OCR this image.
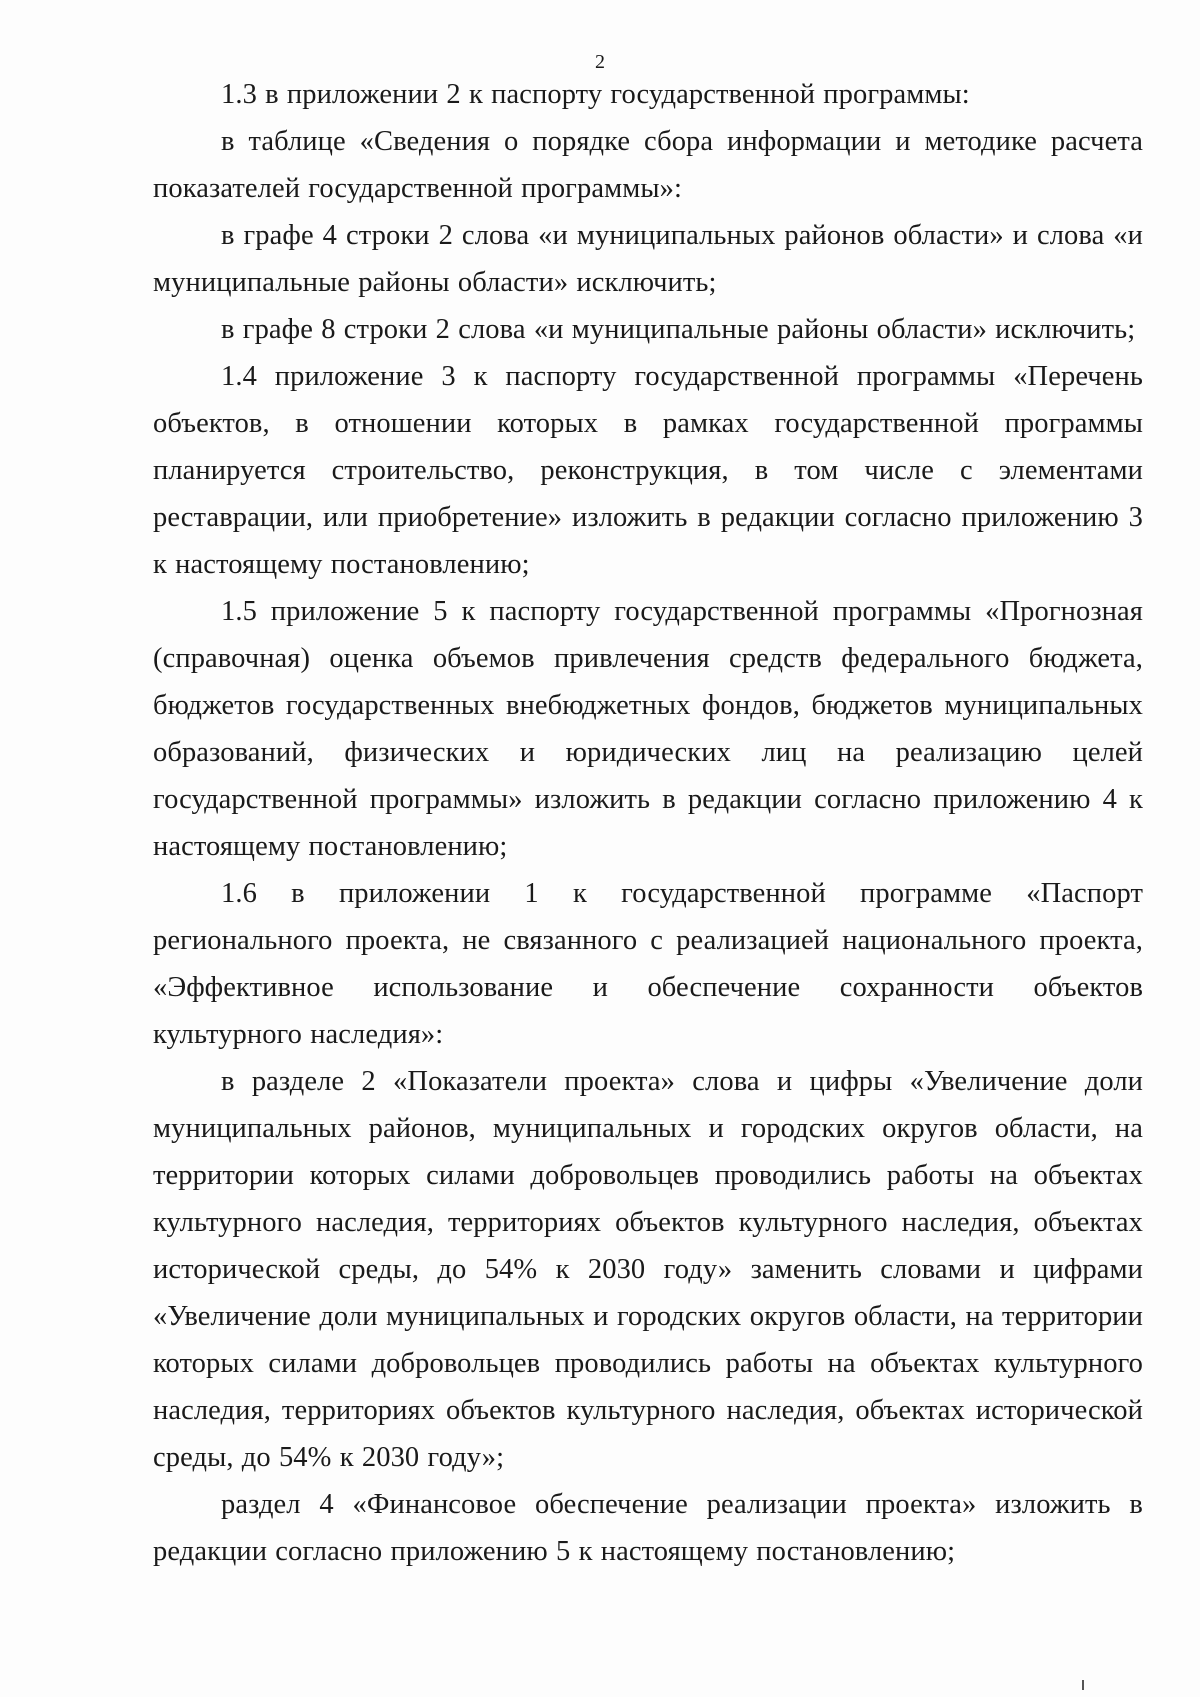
2

1.3 в приложении 2 к паспорту государственной программы:

в таблице «Сведения о порядке сбора информации и методике расчета показателей государственной программы»:

в графе 4 строки 2 слова «и муниципальных районов области» и слова «и муниципальные районы области» исключить;

в графе 8 строки 2 слова «и муниципальные районы области» исключить;

1.4 приложение 3 к паспорту государственной программы «Перечень объектов, в отношении которых в рамках государственной программы планируется строительство, реконструкция, в том числе с элементами реставрации, или приобретение» изложить в редакции согласно приложению 3 к настоящему постановлению;

1.5 приложение 5 к паспорту государственной программы «Прогнозная (справочная) оценка объемов привлечения средств федерального бюджета, бюджетов государственных внебюджетных фондов, бюджетов муниципальных образований, физических и юридических лиц на реализацию целей государственной программы» изложить в редакции согласно приложению 4 к настоящему постановлению;

1.6 в приложении 1 к государственной программе «Паспорт регионального проекта, не связанного с реализацией национального проекта, «Эффективное использование и обеспечение сохранности объектов культурного наследия»:

в разделе 2 «Показатели проекта» слова и цифры «Увеличение доли муниципальных районов, муниципальных и городских округов области, на территории которых силами добровольцев проводились работы на объектах культурного наследия, территориях объектов культурного наследия, объектах исторической среды, до 54% к 2030 году» заменить словами и цифрами «Увеличение доли муниципальных и городских округов области, на территории которых силами добровольцев проводились работы на объектах культурного наследия, территориях объектов культурного наследия, объектах исторической среды, до 54% к 2030 году»;

раздел 4 «Финансовое обеспечение реализации проекта» изложить в редакции согласно приложению 5 к настоящему постановлению;
